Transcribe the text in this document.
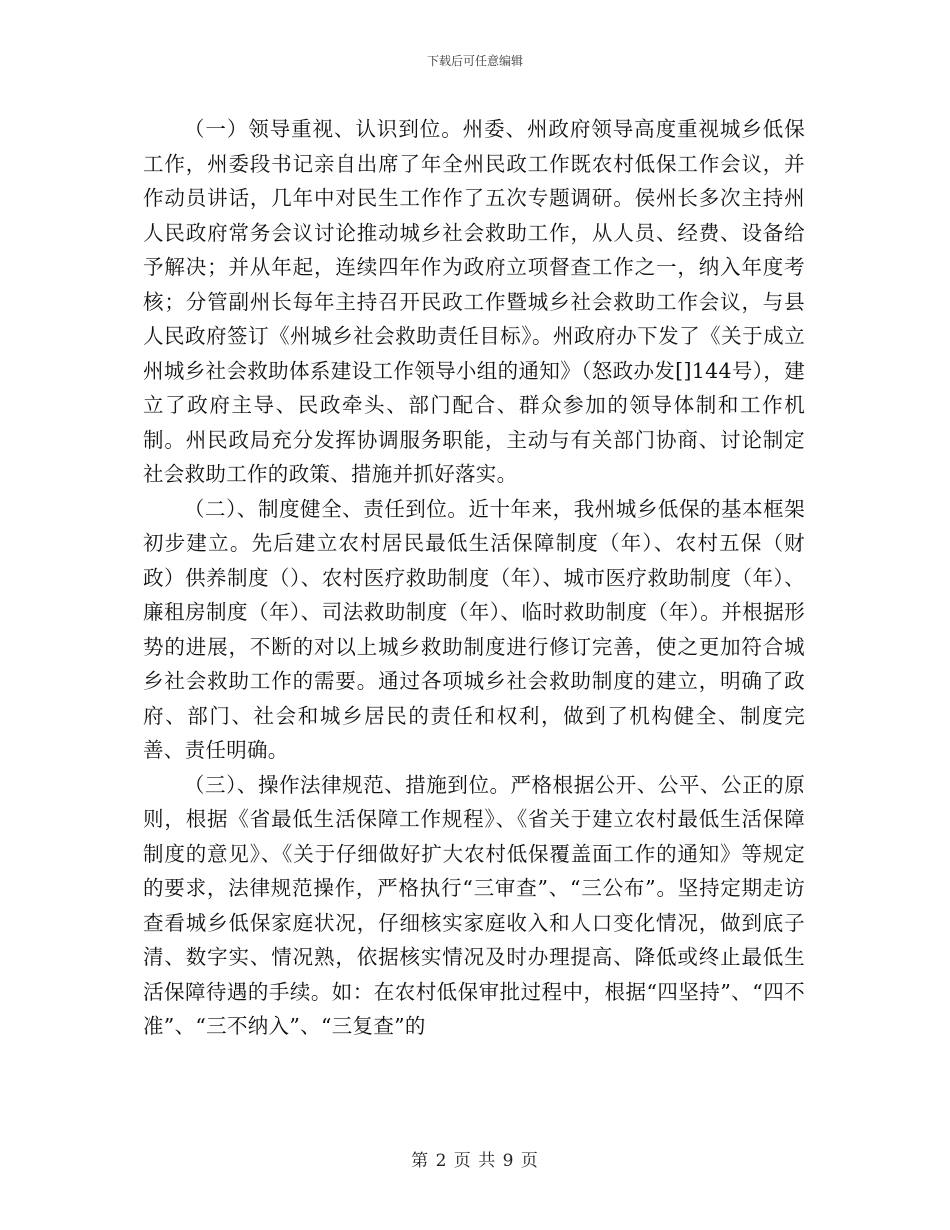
下载后可任意编辑

（一）领导重视、认识到位。州委、州政府领导高度重视城乡低保工作，州委段书记亲自出席了年全州民政工作既农村低保工作会议，并作动员讲话，几年中对民生工作作了五次专题调研。侯州长多次主持州人民政府常务会议讨论推动城乡社会救助工作，从人员、经费、设备给予解决；并从年起，连续四年作为政府立项督查工作之一，纳入年度考核；分管副州长每年主持召开民政工作暨城乡社会救助工作会议，与县人民政府签订《州城乡社会救助责任目标》。州政府办下发了《关于成立州城乡社会救助体系建设工作领导小组的通知》（怒政办发[]144号），建立了政府主导、民政牵头、部门配合、群众参加的领导体制和工作机制。州民政局充分发挥协调服务职能，主动与有关部门协商、讨论制定社会救助工作的政策、措施并抓好落实。

（二）、制度健全、责任到位。近十年来，我州城乡低保的基本框架初步建立。先后建立农村居民最低生活保障制度（年）、农村五保（财政）供养制度（）、农村医疗救助制度（年）、城市医疗救助制度（年）、廉租房制度（年）、司法救助制度（年）、临时救助制度（年）。并根据形势的进展，不断的对以上城乡救助制度进行修订完善，使之更加符合城乡社会救助工作的需要。通过各项城乡社会救助制度的建立，明确了政府、部门、社会和城乡居民的责任和权利，做到了机构健全、制度完善、责任明确。

（三）、操作法律规范、措施到位。严格根据公开、公平、公正的原则，根据《省最低生活保障工作规程》、《省关于建立农村最低生活保障制度的意见》、《关于仔细做好扩大农村低保覆盖面工作的通知》等规定的要求，法律规范操作，严格执行“三审查”、“三公布”。坚持定期走访查看城乡低保家庭状况，仔细核实家庭收入和人口变化情况，做到底子清、数字实、情况熟，依据核实情况及时办理提高、降低或终止最低生活保障待遇的手续。如：在农村低保审批过程中，根据“四坚持”、“四不准”、“三不纳入”、“三复查”的

第 2 页 共 9 页
